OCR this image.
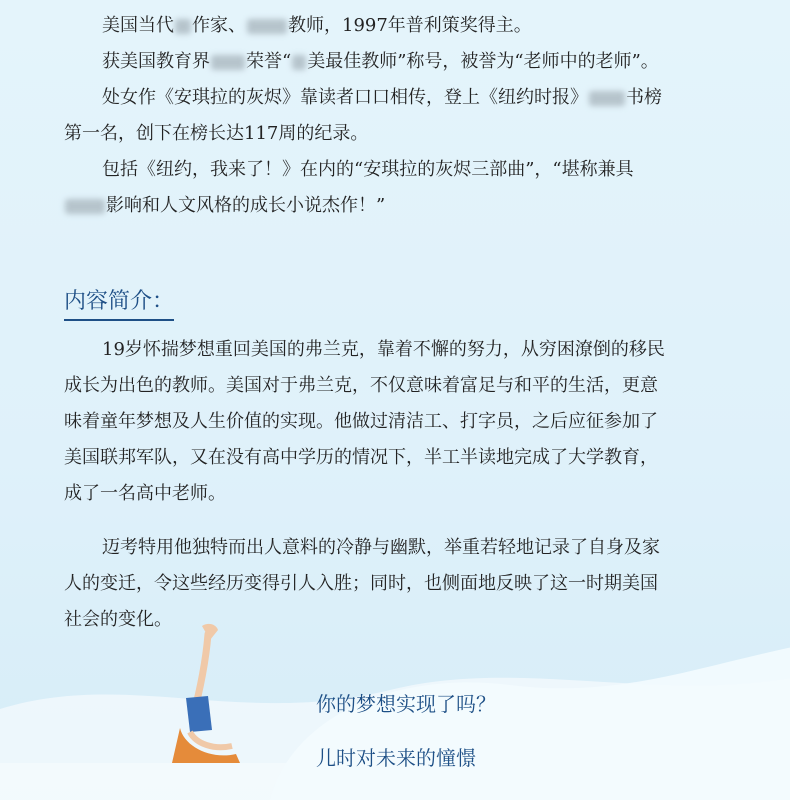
美国当代 作家、 教师，1997年普利策奖得主。
获美国教育界 荣誉“ 美最佳教师”称号，被誉为“老师中的老师”。
处女作《安琪拉的灰烬》靠读者口口相传，登上《纽约时报》 书榜
第一名，创下在榜长达117周的纪录。
包括《纽约，我来了！》在内的“安琪拉的灰烬三部曲”，“堪称兼具
影响和人文风格的成长小说杰作！”
内容简介：
19岁怀揣梦想重回美国的弗兰克，靠着不懈的努力，从穷困潦倒的移民
成长为出色的教师。美国对于弗兰克，不仅意味着富足与和平的生活，更意
味着童年梦想及人生价值的实现。他做过清洁工、打字员，之后应征参加了
美国联邦军队，又在没有高中学历的情况下，半工半读地完成了大学教育，
成了一名高中老师。
迈考特用他独特而出人意料的冷静与幽默，举重若轻地记录了自身及家
人的变迁，令这些经历变得引人入胜；同时，也侧面地反映了这一时期美国
社会的变化。
你的梦想实现了吗？
儿时对未来的憧憬
